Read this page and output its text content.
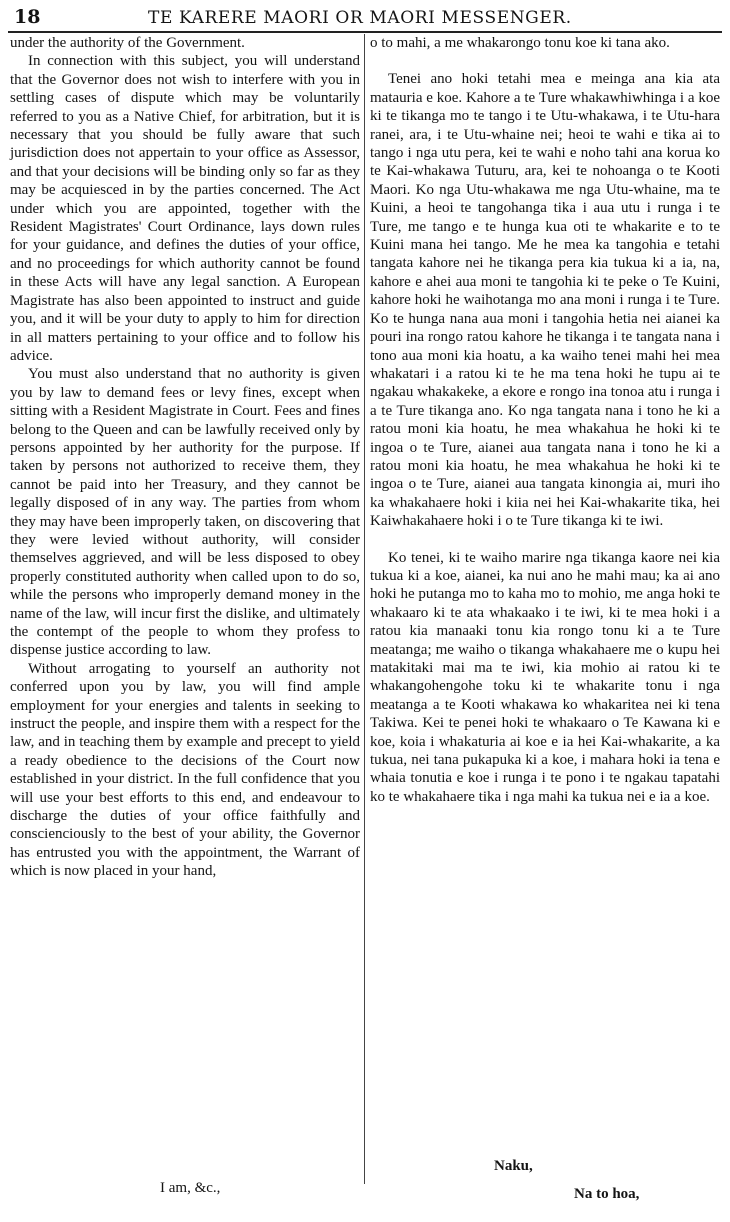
18	TE KARERE MAORI OR MAORI MESSENGER.

under the authority of the Government.

In connection with this subject, you will understand that the Governor does not wish to interfere with you in settling cases of dispute which may be voluntarily referred to you as a Native Chief, for arbitration, but it is necessary that you should be fully aware that such jurisdiction does not appertain to your office as Assessor, and that your decisions will be binding only so far as they may be acquiesced in by the parties concerned. The Act under which you are appointed, together with the Resident Magistrates' Court Ordinance, lays down rules for your guidance, and defines the duties of your office, and no proceedings for which authority cannot be found in these Acts will have any legal sanction. A European Magistrate has also been appointed to instruct and guide you, and it will be your duty to apply to him for direction in all matters pertaining to your office and to follow his advice.

You must also understand that no authority is given you by law to demand fees or levy fines, except when sitting with a Resident Magistrate in Court. Fees and fines belong to the Queen and can be lawfully received only by persons appointed by her authority for the purpose. If taken by persons not authorized to receive them, they cannot be paid into her Treasury, and they cannot be legally disposed of in any way. The parties from whom they may have been improperly taken, on discovering that they were levied without authority, will consider themselves aggrieved, and will be less disposed to obey properly constituted authority when called upon to do so, while the persons who improperly demand money in the name of the law, will incur first the dislike, and ultimately the contempt of the people to whom they profess to dispense justice according to law.

Without arrogating to yourself an authority not conferred upon you by law, you will find ample employment for your energies and talents in seeking to instruct the people, and inspire them with a respect for the law, and in teaching them by example and precept to yield a ready obedience to the decisions of the Court now established in your district. In the full confidence that you will use your best efforts to this end, and endeavour to discharge the duties of your office faithfully and conscienciously to the best of your ability, the Governor has entrusted you with the appointment, the Warrant of which is now placed in your hand,

o to mahi, a me whakarongo tonu koe ki tana ako.

Tenei ano hoki tetahi mea e meinga ana kia ata matauria e koe. Kahore a te Ture whakawhiwhinga i a koe ki te tikanga mo te tango i te Utu-whakawa, i te Utu-hara ranei, ara, i te Utu-whaine nei; heoi te wahi e tika ai to tango i nga utu pera, kei te wahi e noho tahi ana korua ko te Kai-whakawa Tuturu, ara, kei te nohoanga o te Kooti Maori. Ko nga Utu-whakawa me nga Utu-whaine, ma te Kuini, a heoi te tangohanga tika i aua utu i runga i te Ture, me tango e te hunga kua oti te whakarite e to te Kuini mana hei tango. Me he mea ka tangohia e tetahi tangata kahore nei he tikanga pera kia tukua ki a ia, na, kahore e ahei aua moni te tangohia ki te peke o Te Kuini, kahore hoki he waihotanga mo ana moni i runga i te Ture. Ko te hunga nana aua moni i tangohia hetia nei aianei ka pouri ina rongo ratou kahore he tikanga i te tangata nana i tono aua moni kia hoatu, a ka waiho tenei mahi hei mea whakatari i a ratou ki te he ma tena hoki he tupu ai te ngakau whakakeke, a ekore e rongo ina tonoa atu i runga i a te Ture tikanga ano. Ko nga tangata nana i tono he ki a ratou moni kia hoatu, he mea whakahua he hoki ki te ingoa o te Ture, aianei aua tangata nana i tono he ki a ratou moni kia hoatu, he mea whakahua he hoki ki te ingoa o te Ture, aianei aua tangata kinongia ai, muri iho ka whakahaere hoki i kiia nei hei Kai-whakarite tika, hei Kaiwhakahaere hoki i o te Ture tikanga ki te iwi.

Ko tenei, ki te waiho marire nga tikanga kaore nei kia tukua ki a koe, aianei, ka nui ano he mahi mau; ka ai ano hoki he putanga mo to kaha mo to mohio, me anga hoki te whakaaro ki te ata whakaako i te iwi, ki te mea hoki i a ratou kia manaaki tonu kia rongo tonu ki a te Ture meatanga; me waiho o tikanga whakahaere me o kupu hei matakitaki mai ma te iwi, kia mohio ai ratou ki te whakangohengohe toku ki te whakarite tonu i nga meatanga a te Kooti whakawa ko whakaritea nei ki tena Takiwa. Kei te penei hoki te whakaaro o Te Kawana ki e koe, koia i whakaturia ai koe e ia hei Kai-whakarite, a ka tukua, nei tana pukapuka ki a koe, i mahara hoki ia tena e whaia tonutia e koe i runga i te pono i te ngakau tapatahi ko te whakahaere tika i nga mahi ka tukua nei e ia a koe.

I am, &c.,
Naku,
Na to hoa,
